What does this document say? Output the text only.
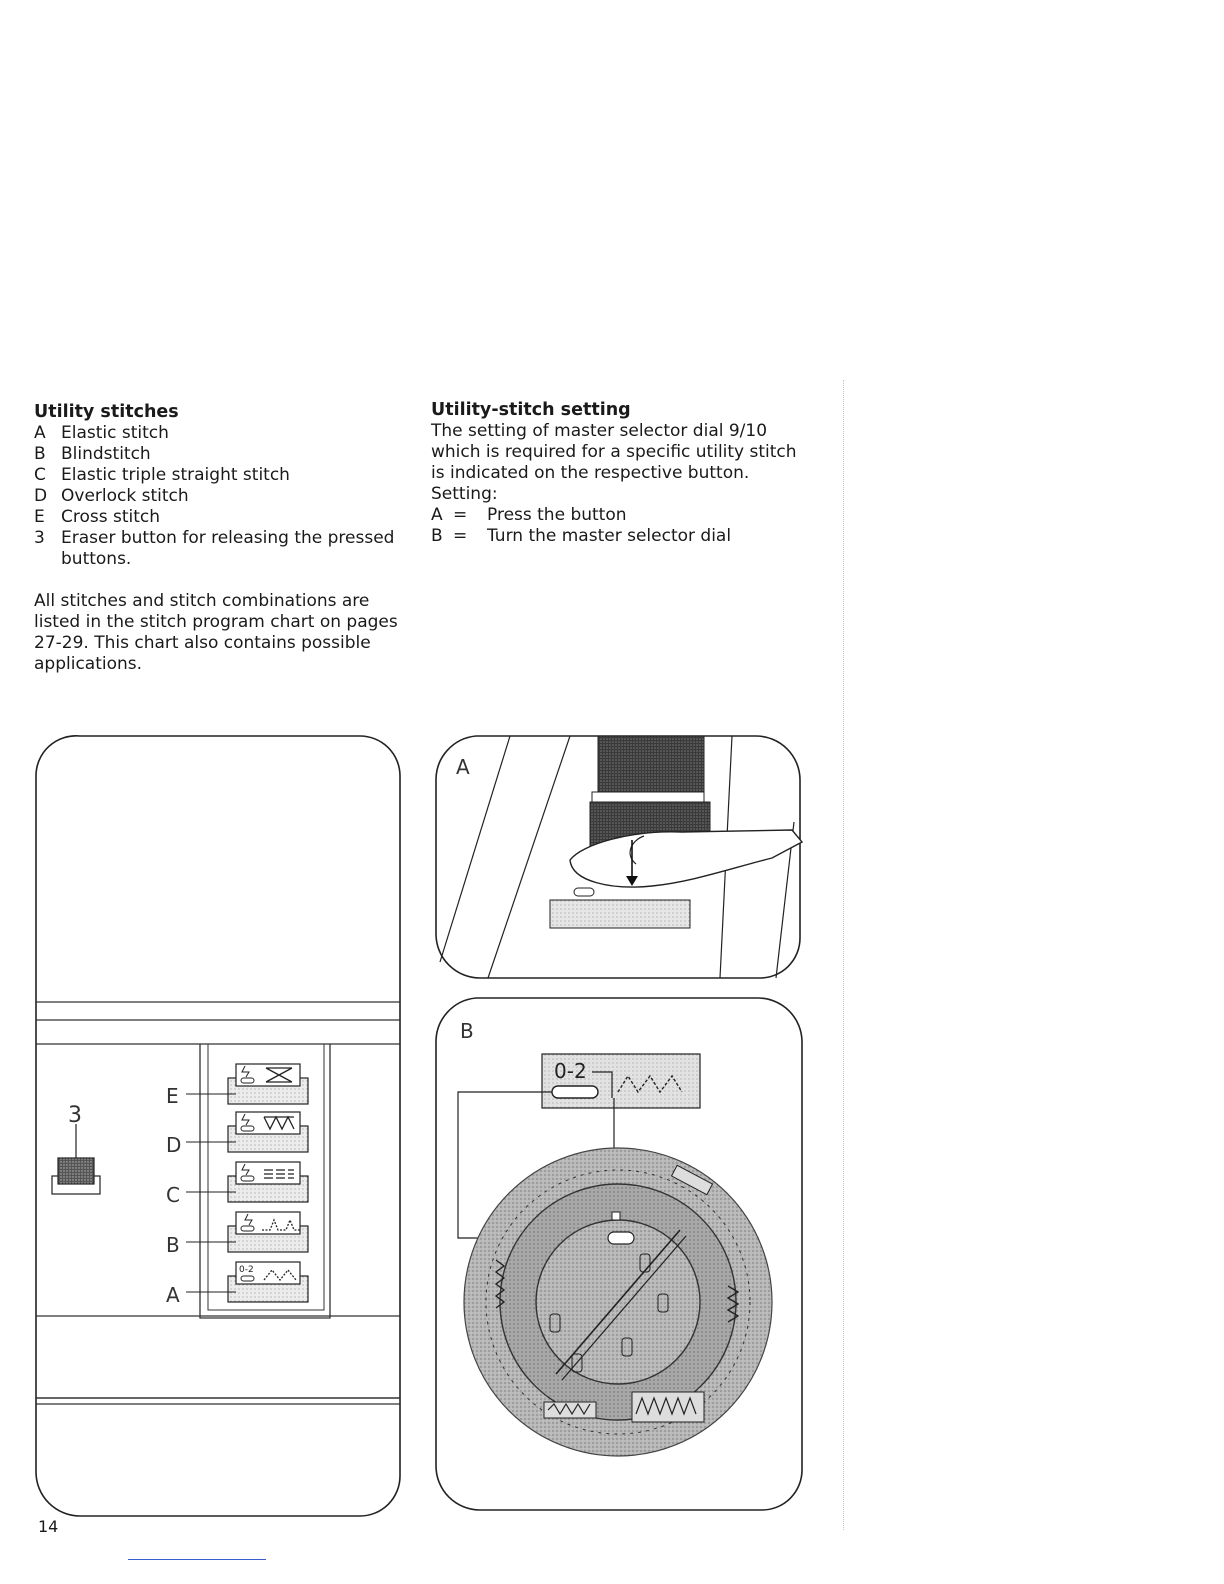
Utility stitches

A Elastic stitch
B Blindstitch
C Elastic triple straight stitch
D Overlock stitch
E Cross stitch
3 Eraser button for releasing the pressed buttons.
All stitches and stitch combinations are listed in the stitch program chart on pages 27-29. This chart also contains possible applications.

Utility-stitch setting

The setting of master selector dial 9/10 which is required for a specific utility stitch is indicated on the respective button.
Setting:
A =	Press the button
B =	Turn the master selector dial
3
0-2
E
D
C
B
A
A
B
0-2
14
